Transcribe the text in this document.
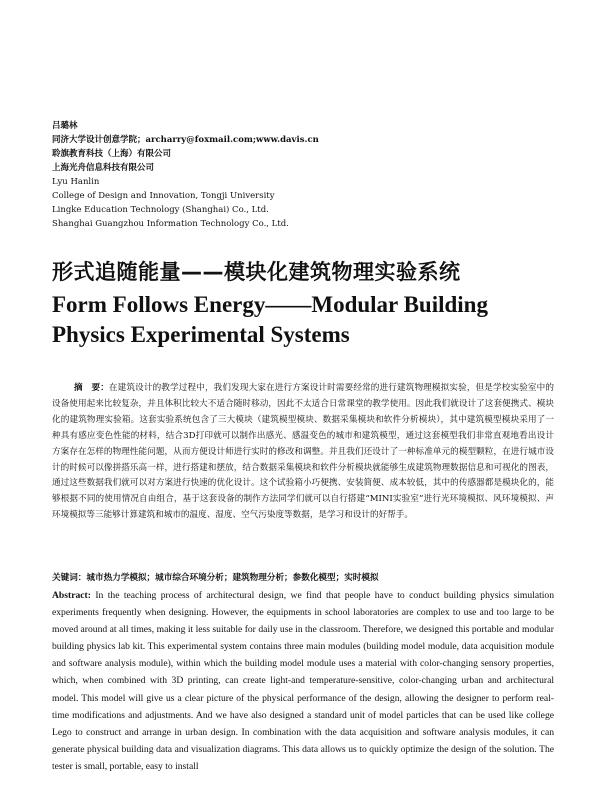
吕璐林
同济大学设计创意学院；archarry@foxmail.com;www.davis.cn
聆旗教育科技（上海）有限公司
上海光舟信息科技有限公司
Lyu Hanlin
College of Design and Innovation, Tongji University
Lingke Education Technology (Shanghai) Co., Ltd.
Shanghai Guangzhou Information Technology Co., Ltd.
形式追随能量——模块化建筑物理实验系统
Form Follows Energy——Modular Building Physics Experimental Systems
摘　要：在建筑设计的教学过程中，我们发现大家在进行方案设计时需要经常的进行建筑物理模拟实验，但是学校实验室中的设备使用起来比较复杂，并且体积比较大不适合随时移动，因此不太适合日常课堂的教学使用。因此我们就设计了这套便携式、模块化的建筑物理实验箱。这套实验系统包含了三大模块（建筑模型模块、数据采集模块和软件分析模块），其中建筑模型模块采用了一种具有感应变色性能的材料，结合3D打印就可以制作出感光、感温变色的城市和建筑模型，通过这套模型我们非常直观地看出设计方案存在怎样的物理性能问题，从而方便设计师进行实时的修改和调整。并且我们还设计了一种标准单元的模型颗粒，在进行城市设计的时候可以像拼搭乐高一样，进行搭建和摆放，结合数据采集模块和软件分析模块就能够生成建筑物理数据信息和可视化的图表，通过这些数据我们就可以对方案进行快速的优化设计。这个试验箱小巧便携、安装简便、成本较低，其中的传感器都是模块化的，能够根据不同的使用情况自由组合，基于这套设备的制作方法同学们就可以自行搭建“MINI实验室”进行光环境模拟、风环境模拟、声环境模拟等三能够计算建筑和城市的温度、湿度、空气污染度等数据，是学习和设计的好帮手。
关键词：城市热力学模拟；城市综合环境分析；建筑物理分析；参数化模型；实时模拟
Abstract: In the teaching process of architectural design, we find that people have to conduct building physics simulation experiments frequently when designing. However, the equipments in school laboratories are complex to use and too large to be moved around at all times, making it less suitable for daily use in the classroom. Therefore, we designed this portable and modular building physics lab kit. This experimental system contains three main modules (building model module, data acquisition module and software analysis module), within which the building model module uses a material with color-changing sensory properties, which, when combined with 3D printing, can create light-and temperature-sensitive, color-changing urban and architectural model. This model will give us a clear picture of the physical performance of the design, allowing the designer to perform real-time modifications and adjustments. And we have also designed a standard unit of model particles that can be used like college Lego to construct and arrange in urban design. In combination with the data acquisition and software analysis modules, it can generate physical building data and visualization diagrams. This data allows us to quickly optimize the design of the solution. The tester is small, portable, easy to install
